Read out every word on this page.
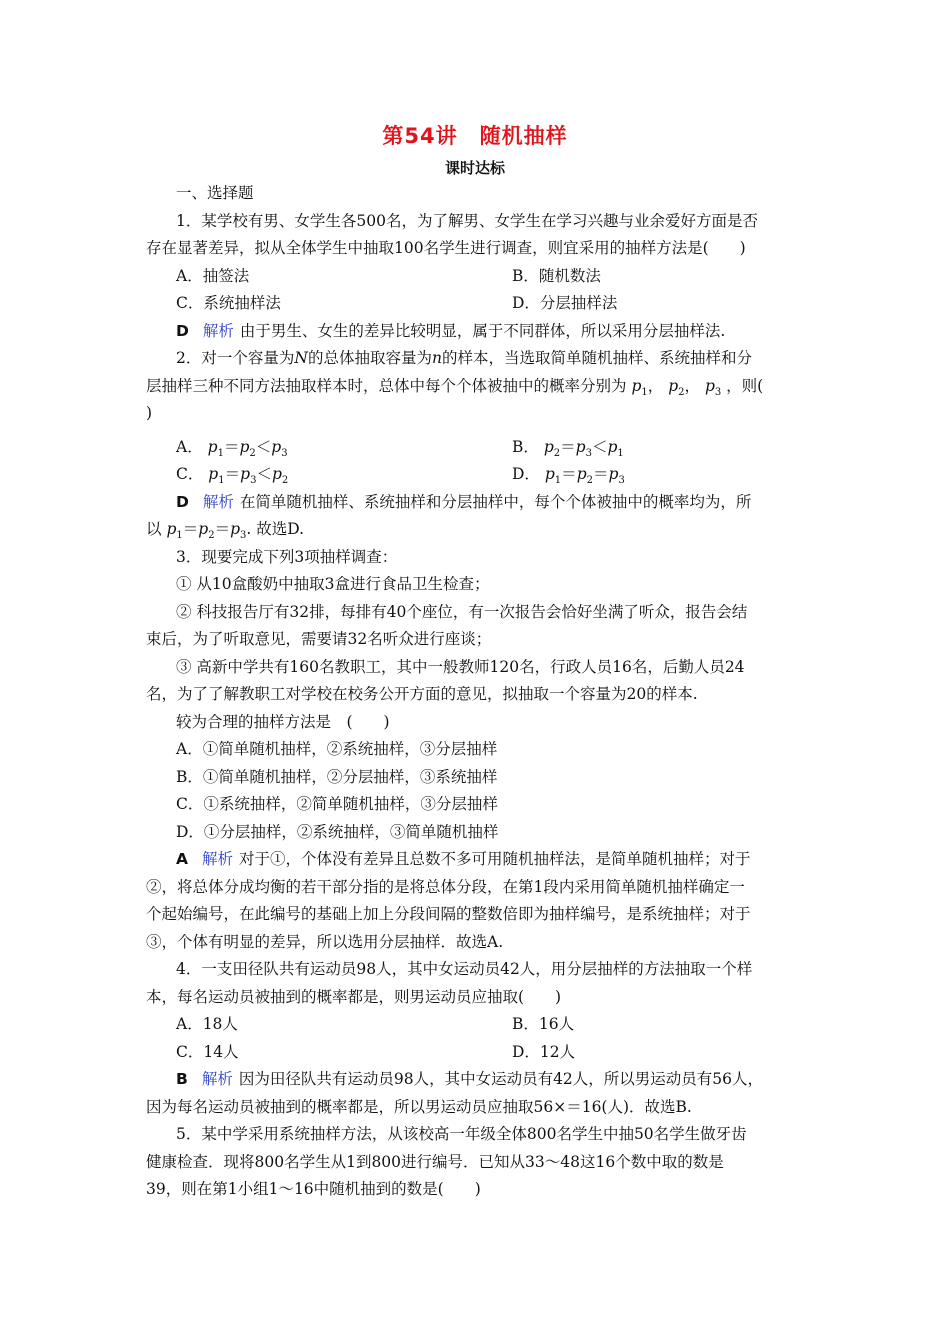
第54讲　随机抽样
课时达标
一、选择题
1．某学校有男、女学生各500名，为了解男、女学生在学习兴趣与业余爱好方面是否
存在显著差异，拟从全体学生中抽取100名学生进行调查，则宜采用的抽样方法是(　　)
A．抽签法	B．随机数法
C．系统抽样法	D．分层抽样法
D 解析 由于男生、女生的差异比较明显，属于不同群体，所以采用分层抽样法.
2．对一个容量为N的总体抽取容量为n的样本，当选取简单随机抽样、系统抽样和分
层抽样三种不同方法抽取样本时，总体中每个个体被抽中的概率分别为 $p_1$， $p_2$， $p_3$ ，则(
)
A． $p_1=p_2<p_3$	B． $p_2=p_3<p_1$
C． $p_1=p_3<p_2$	D． $p_1=p_2=p_3$
D 解析 在简单随机抽样、系统抽样和分层抽样中，每个个体被抽中的概率均为，所
以 $p_1=p_2=p_3$. 故选D.
3．现要完成下列3项抽样调查：
① 从10盒酸奶中抽取3盒进行食品卫生检查；
② 科技报告厅有32排，每排有40个座位，有一次报告会恰好坐满了听众，报告会结
束后，为了听取意见，需要请32名听众进行座谈；
③ 高新中学共有160名教职工，其中一般教师120名，行政人员16名，后勤人员24
名，为了了解教职工对学校在校务公开方面的意见，拟抽取一个容量为20的样本.
较为合理的抽样方法是　(　　)
A．①简单随机抽样，②系统抽样，③分层抽样
B．①简单随机抽样，②分层抽样，③系统抽样
C．①系统抽样，②简单随机抽样，③分层抽样
D．①分层抽样，②系统抽样，③简单随机抽样
A 解析 对于①，个体没有差异且总数不多可用随机抽样法，是简单随机抽样；对于
②，将总体分成均衡的若干部分指的是将总体分段，在第1段内采用简单随机抽样确定一
个起始编号，在此编号的基础上加上分段间隔的整数倍即为抽样编号，是系统抽样；对于
③，个体有明显的差异，所以选用分层抽样．故选A.
4．一支田径队共有运动员98人，其中女运动员42人，用分层抽样的方法抽取一个样
本，每名运动员被抽到的概率都是，则男运动员应抽取(　　)
A．18人	B．16人
C．14人	D．12人
B 解析 因为田径队共有运动员98人，其中女运动员有42人，所以男运动员有56人，
因为每名运动员被抽到的概率都是，所以男运动员应抽取56×＝16(人)．故选B.
5．某中学采用系统抽样方法，从该校高一年级全体800名学生中抽50名学生做牙齿
健康检查．现将800名学生从1到800进行编号．已知从33～48这16个数中取的数是
39，则在第1小组1～16中随机抽到的数是(　　)
